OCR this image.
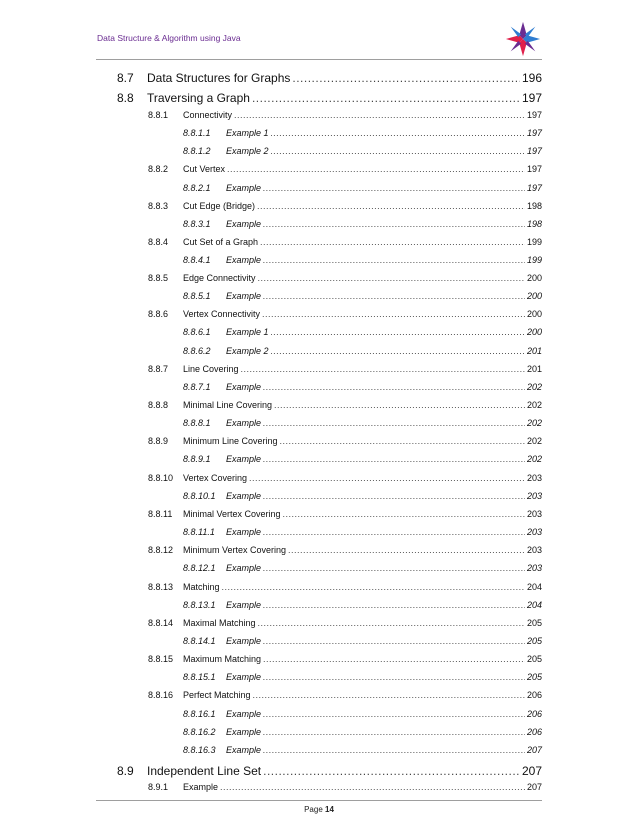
Data Structure & Algorithm using Java
8.7 Data Structures for Graphs .....	196
8.8 Traversing a Graph .....	197
8.8.1 Connectivity .....	197
8.8.1.1 Example 1 .....	197
8.8.1.2 Example 2 .....	197
8.8.2 Cut Vertex .....	197
8.8.2.1 Example .....	197
8.8.3 Cut Edge (Bridge) .....	198
8.8.3.1 Example .....	198
8.8.4 Cut Set of a Graph .....	199
8.8.4.1 Example .....	199
8.8.5 Edge Connectivity .....	200
8.8.5.1 Example .....	200
8.8.6 Vertex Connectivity .....	200
8.8.6.1 Example 1 .....	200
8.8.6.2 Example 2 .....	201
8.8.7 Line Covering .....	201
8.8.7.1 Example .....	202
8.8.8 Minimal Line Covering .....	202
8.8.8.1 Example .....	202
8.8.9 Minimum Line Covering .....	202
8.8.9.1 Example .....	202
8.8.10 Vertex Covering .....	203
8.8.10.1 Example .....	203
8.8.11 Minimal Vertex Covering .....	203
8.8.11.1 Example .....	203
8.8.12 Minimum Vertex Covering .....	203
8.8.12.1 Example .....	203
8.8.13 Matching .....	204
8.8.13.1 Example .....	204
8.8.14 Maximal Matching .....	205
8.8.14.1 Example .....	205
8.8.15 Maximum Matching .....	205
8.8.15.1 Example .....	205
8.8.16 Perfect Matching .....	206
8.8.16.1 Example .....	206
8.8.16.2 Example .....	206
8.8.16.3 Example .....	207
8.9 Independent Line Set .....	207
8.9.1 Example .....	207
Page 14
